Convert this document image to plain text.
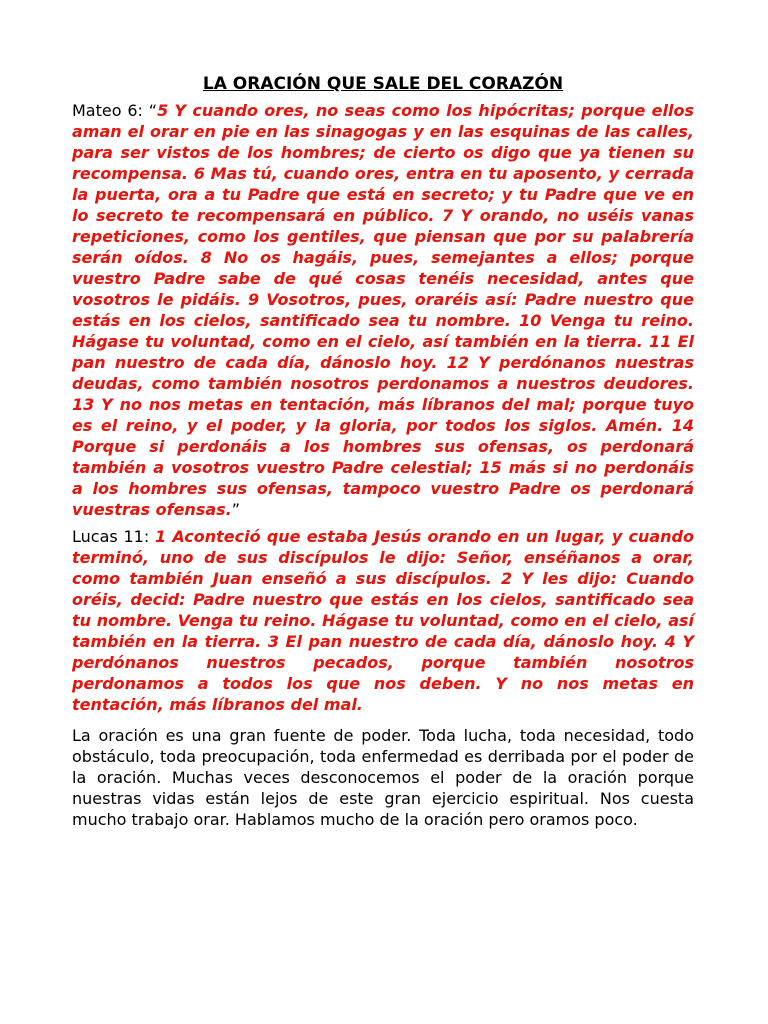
LA ORACIÓN QUE SALE DEL CORAZÓN

Mateo 6: “5 Y cuando ores, no seas como los hipócritas; porque ellos aman el orar en pie en las sinagogas y en las esquinas de las calles, para ser vistos de los hombres; de cierto os digo que ya tienen su recompensa. 6 Mas tú, cuando ores, entra en tu aposento, y cerrada la puerta, ora a tu Padre que está en secreto; y tu Padre que ve en lo secreto te recompensará en público. 7 Y orando, no uséis vanas repeticiones, como los gentiles, que piensan que por su palabrería serán oídos. 8 No os hagáis, pues, semejantes a ellos; porque vuestro Padre sabe de qué cosas tenéis necesidad, antes que vosotros le pidáis. 9 Vosotros, pues, oraréis así: Padre nuestro que estás en los cielos, santificado sea tu nombre. 10 Venga tu reino. Hágase tu voluntad, como en el cielo, así también en la tierra. 11 El pan nuestro de cada día, dánoslo hoy. 12 Y perdónanos nuestras deudas, como también nosotros perdonamos a nuestros deudores. 13 Y no nos metas en tentación, más líbranos del mal; porque tuyo es el reino, y el poder, y la gloria, por todos los siglos. Amén. 14 Porque si perdonáis a los hombres sus ofensas, os perdonará también a vosotros vuestro Padre celestial; 15 más si no perdonáis a los hombres sus ofensas, tampoco vuestro Padre os perdonará vuestras ofensas.”

Lucas 11: 1 Aconteció que estaba Jesús orando en un lugar, y cuando terminó, uno de sus discípulos le dijo: Señor, enséñanos a orar, como también Juan enseñó a sus discípulos. 2 Y les dijo: Cuando oréis, decid: Padre nuestro que estás en los cielos, santificado sea tu nombre. Venga tu reino. Hágase tu voluntad, como en el cielo, así también en la tierra. 3 El pan nuestro de cada día, dánoslo hoy. 4 Y perdónanos nuestros pecados, porque también nosotros perdonamos a todos los que nos deben. Y no nos metas en tentación, más líbranos del mal.

La oración es una gran fuente de poder. Toda lucha, toda necesidad, todo obstáculo, toda preocupación, toda enfermedad es derribada por el poder de la oración. Muchas veces desconocemos el poder de la oración porque nuestras vidas están lejos de este gran ejercicio espiritual. Nos cuesta mucho trabajo orar. Hablamos mucho de la oración pero oramos poco.
